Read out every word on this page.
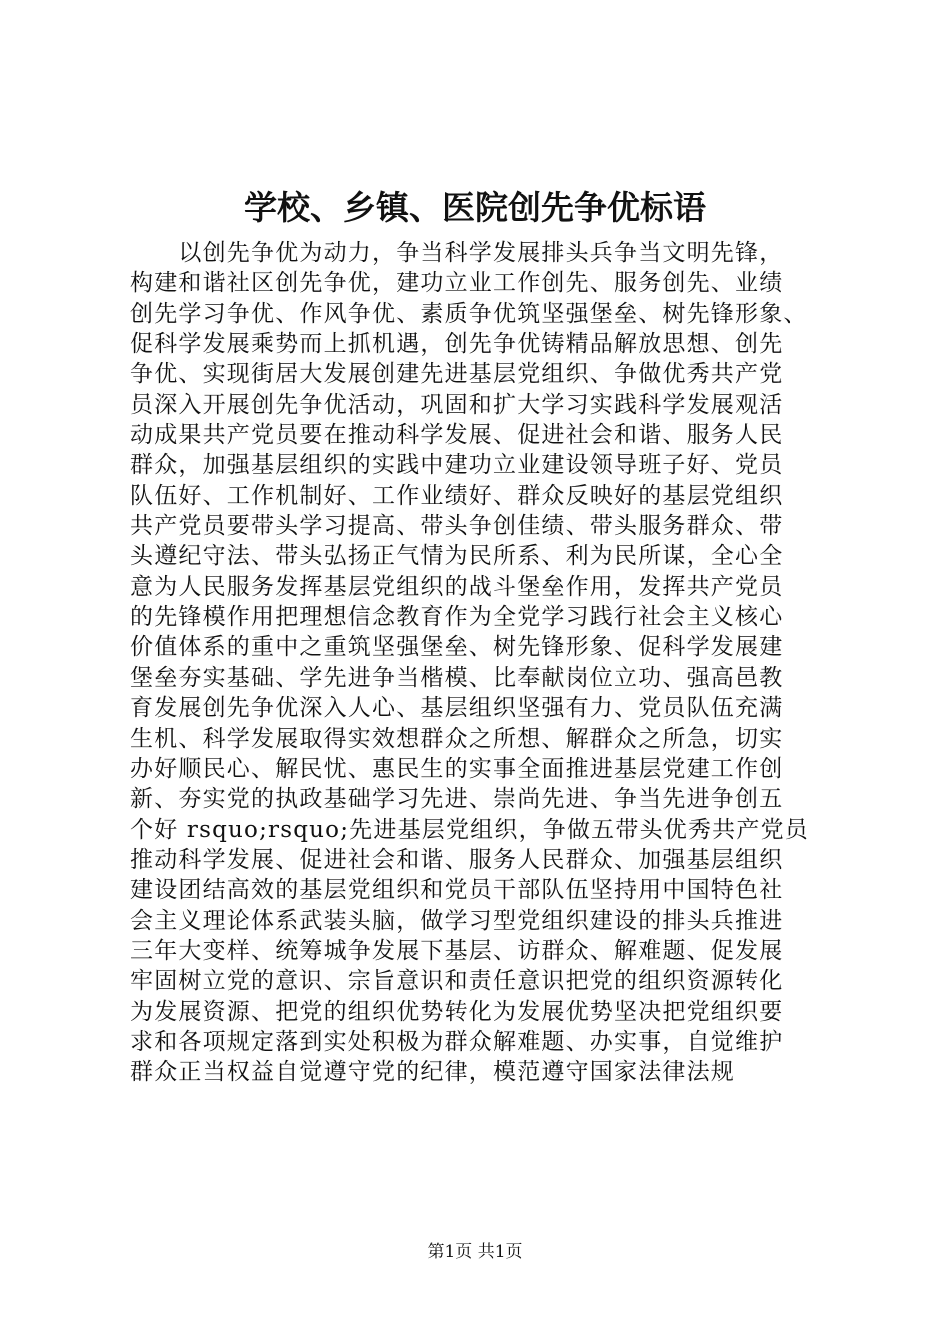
学校、乡镇、医院创先争优标语
　　以创先争优为动力，争当科学发展排头兵争当文明先锋，
构建和谐社区创先争优，建功立业工作创先、服务创先、业绩
创先学习争优、作风争优、素质争优筑坚强堡垒、树先锋形象、
促科学发展乘势而上抓机遇，创先争优铸精品解放思想、创先
争优、实现街居大发展创建先进基层党组织、争做优秀共产党
员深入开展创先争优活动，巩固和扩大学习实践科学发展观活
动成果共产党员要在推动科学发展、促进社会和谐、服务人民
群众，加强基层组织的实践中建功立业建设领导班子好、党员
队伍好、工作机制好、工作业绩好、群众反映好的基层党组织
共产党员要带头学习提高、带头争创佳绩、带头服务群众、带
头遵纪守法、带头弘扬正气情为民所系、利为民所谋，全心全
意为人民服务发挥基层党组织的战斗堡垒作用，发挥共产党员
的先锋模作用把理想信念教育作为全党学习践行社会主义核心
价值体系的重中之重筑坚强堡垒、树先锋形象、促科学发展建
堡垒夯实基础、学先进争当楷模、比奉献岗位立功、强高邑教
育发展创先争优深入人心、基层组织坚强有力、党员队伍充满
生机、科学发展取得实效想群众之所想、解群众之所急，切实
办好顺民心、解民忧、惠民生的实事全面推进基层党建工作创
新、夯实党的执政基础学习先进、崇尚先进、争当先进争创五
个好 rsquo;rsquo;先进基层党组织，争做五带头优秀共产党员
推动科学发展、促进社会和谐、服务人民群众、加强基层组织
建设团结高效的基层党组织和党员干部队伍坚持用中国特色社
会主义理论体系武装头脑，做学习型党组织建设的排头兵推进
三年大变样、统筹城争发展下基层、访群众、解难题、促发展
牢固树立党的意识、宗旨意识和责任意识把党的组织资源转化
为发展资源、把党的组织优势转化为发展优势坚决把党组织要
求和各项规定落到实处积极为群众解难题、办实事，自觉维护
群众正当权益自觉遵守党的纪律，模范遵守国家法律法规
第1页 共1页
